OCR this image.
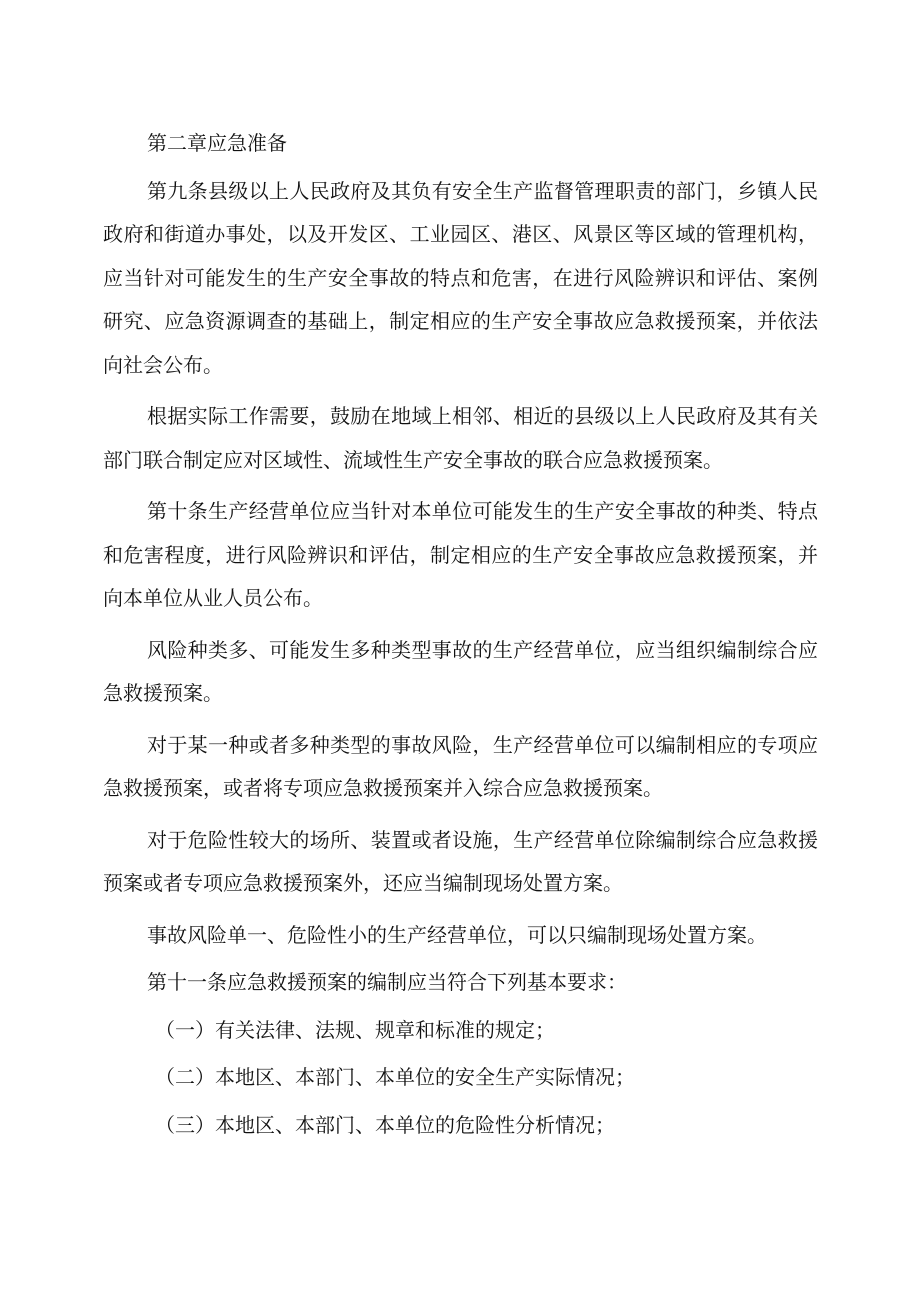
第二章应急准备

第九条县级以上人民政府及其负有安全生产监督管理职责的部门，乡镇人民政府和街道办事处，以及开发区、工业园区、港区、风景区等区域的管理机构，应当针对可能发生的生产安全事故的特点和危害，在进行风险辨识和评估、案例研究、应急资源调查的基础上，制定相应的生产安全事故应急救援预案，并依法向社会公布。

根据实际工作需要，鼓励在地域上相邻、相近的县级以上人民政府及其有关部门联合制定应对区域性、流域性生产安全事故的联合应急救援预案。

第十条生产经营单位应当针对本单位可能发生的生产安全事故的种类、特点和危害程度，进行风险辨识和评估，制定相应的生产安全事故应急救援预案，并向本单位从业人员公布。

风险种类多、可能发生多种类型事故的生产经营单位，应当组织编制综合应急救援预案。

对于某一种或者多种类型的事故风险，生产经营单位可以编制相应的专项应急救援预案，或者将专项应急救援预案并入综合应急救援预案。

对于危险性较大的场所、装置或者设施，生产经营单位除编制综合应急救援预案或者专项应急救援预案外，还应当编制现场处置方案。

事故风险单一、危险性小的生产经营单位，可以只编制现场处置方案。

第十一条应急救援预案的编制应当符合下列基本要求：

（一）有关法律、法规、规章和标准的规定；

（二）本地区、本部门、本单位的安全生产实际情况；

（三）本地区、本部门、本单位的危险性分析情况；
